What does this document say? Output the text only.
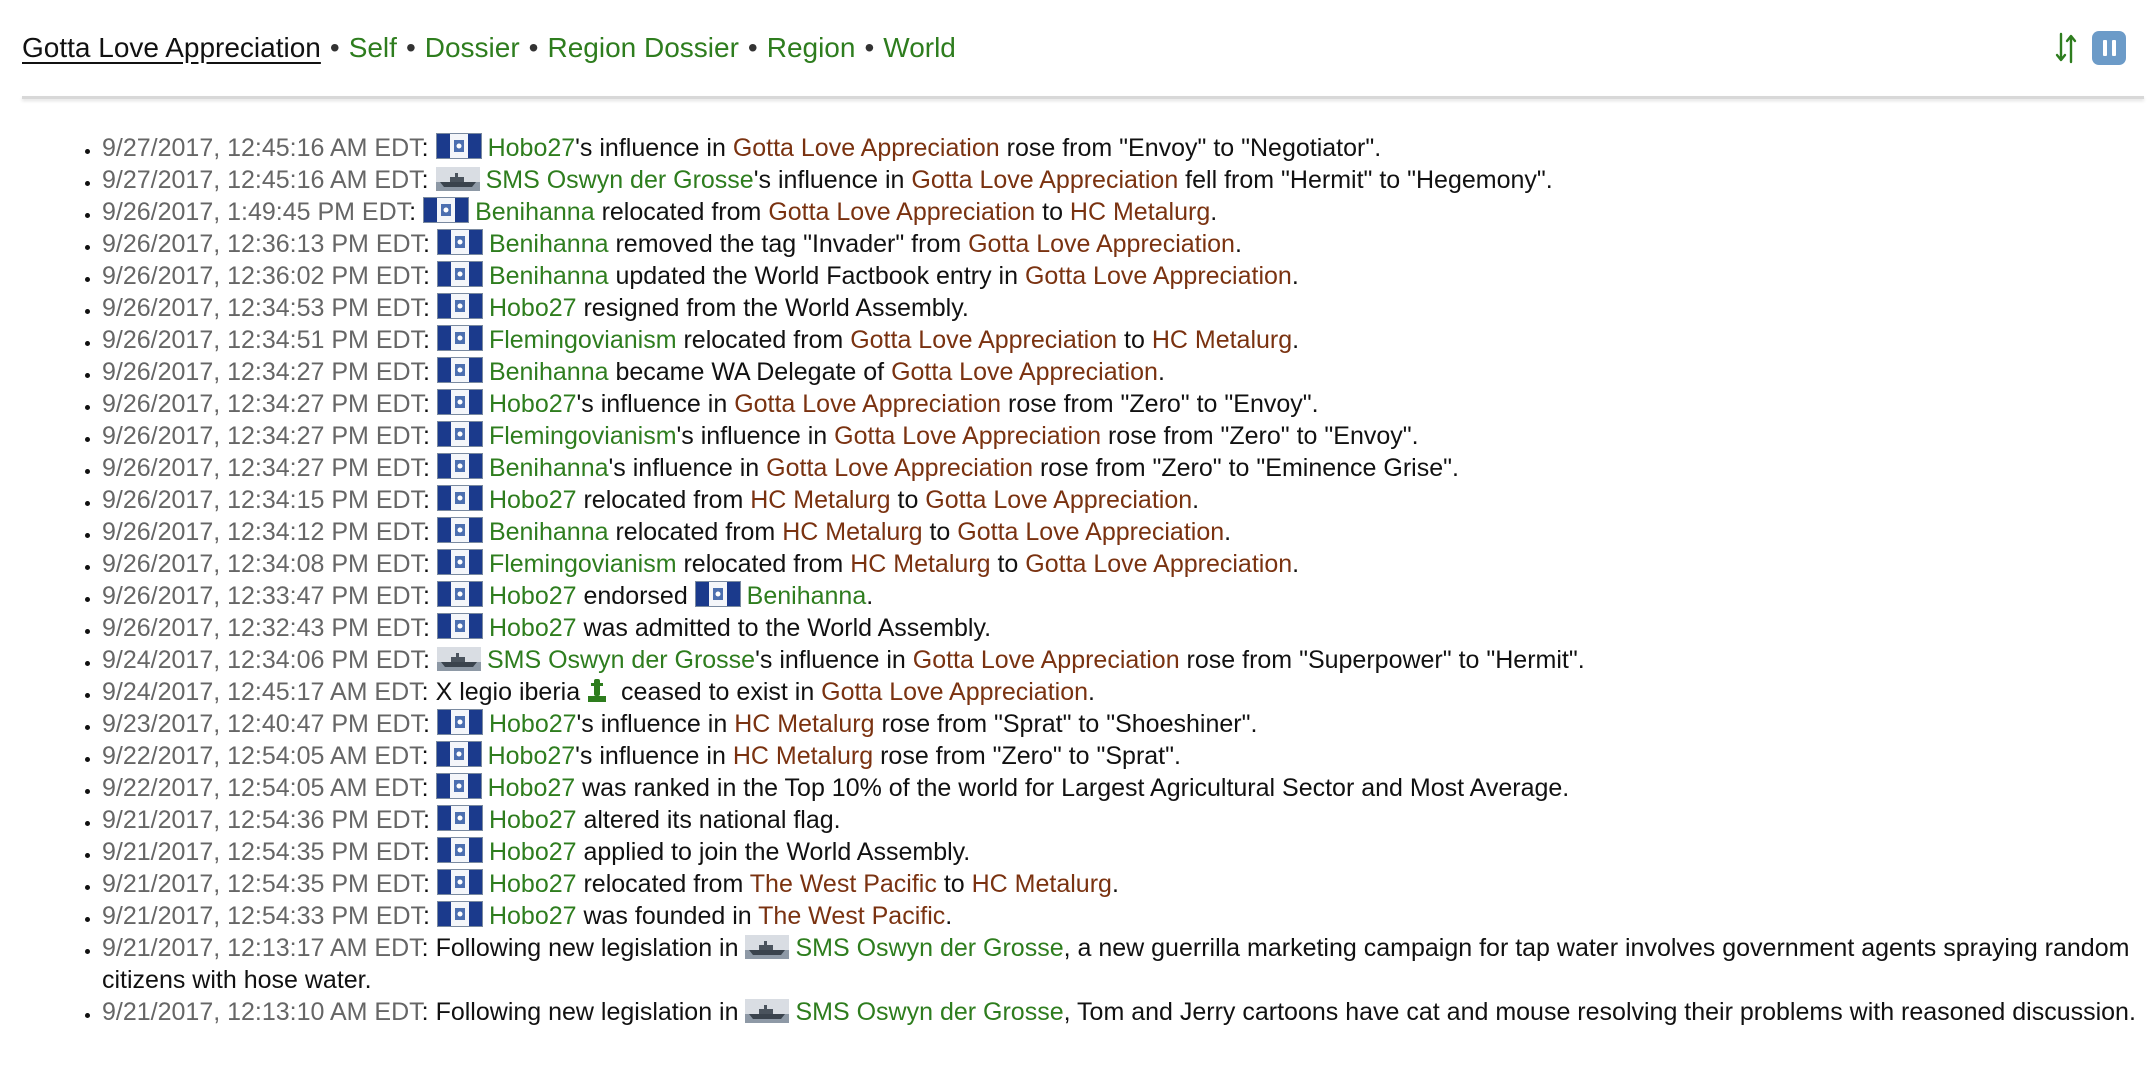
Gotta Love Appreciation • Self • Dossier • Region Dossier • Region • World
• 9/27/2017, 12:45:16 AM EDT: Hobo27's influence in Gotta Love Appreciation rose from "Envoy" to "Negotiator".
• 9/27/2017, 12:45:16 AM EDT: SMS Oswyn der Grosse's influence in Gotta Love Appreciation fell from "Hermit" to "Hegemony".
• 9/26/2017, 1:49:45 PM EDT: Benihanna relocated from Gotta Love Appreciation to HC Metalurg.
• 9/26/2017, 12:36:13 PM EDT: Benihanna removed the tag "Invader" from Gotta Love Appreciation.
• 9/26/2017, 12:36:02 PM EDT: Benihanna updated the World Factbook entry in Gotta Love Appreciation.
• 9/26/2017, 12:34:53 PM EDT: Hobo27 resigned from the World Assembly.
• 9/26/2017, 12:34:51 PM EDT: Flemingovianism relocated from Gotta Love Appreciation to HC Metalurg.
• 9/26/2017, 12:34:27 PM EDT: Benihanna became WA Delegate of Gotta Love Appreciation.
• 9/26/2017, 12:34:27 PM EDT: Hobo27's influence in Gotta Love Appreciation rose from "Zero" to "Envoy".
• 9/26/2017, 12:34:27 PM EDT: Flemingovianism's influence in Gotta Love Appreciation rose from "Zero" to "Envoy".
• 9/26/2017, 12:34:27 PM EDT: Benihanna's influence in Gotta Love Appreciation rose from "Zero" to "Eminence Grise".
• 9/26/2017, 12:34:15 PM EDT: Hobo27 relocated from HC Metalurg to Gotta Love Appreciation.
• 9/26/2017, 12:34:12 PM EDT: Benihanna relocated from HC Metalurg to Gotta Love Appreciation.
• 9/26/2017, 12:34:08 PM EDT: Flemingovianism relocated from HC Metalurg to Gotta Love Appreciation.
• 9/26/2017, 12:33:47 PM EDT: Hobo27 endorsed Benihanna.
• 9/26/2017, 12:32:43 PM EDT: Hobo27 was admitted to the World Assembly.
• 9/24/2017, 12:34:06 PM EDT: SMS Oswyn der Grosse's influence in Gotta Love Appreciation rose from "Superpower" to "Hermit".
• 9/24/2017, 12:45:17 AM EDT: X legio iberia ceased to exist in Gotta Love Appreciation.
• 9/23/2017, 12:40:47 PM EDT: Hobo27's influence in HC Metalurg rose from "Sprat" to "Shoeshiner".
• 9/22/2017, 12:54:05 AM EDT: Hobo27's influence in HC Metalurg rose from "Zero" to "Sprat".
• 9/22/2017, 12:54:05 AM EDT: Hobo27 was ranked in the Top 10% of the world for Largest Agricultural Sector and Most Average.
• 9/21/2017, 12:54:36 PM EDT: Hobo27 altered its national flag.
• 9/21/2017, 12:54:35 PM EDT: Hobo27 applied to join the World Assembly.
• 9/21/2017, 12:54:35 PM EDT: Hobo27 relocated from The West Pacific to HC Metalurg.
• 9/21/2017, 12:54:33 PM EDT: Hobo27 was founded in The West Pacific.
• 9/21/2017, 12:13:17 AM EDT: Following new legislation in SMS Oswyn der Grosse, a new guerrilla marketing campaign for tap water involves government agents spraying random citizens with hose water.
• 9/21/2017, 12:13:10 AM EDT: Following new legislation in SMS Oswyn der Grosse, Tom and Jerry cartoons have cat and mouse resolving their problems with reasoned discussion.
